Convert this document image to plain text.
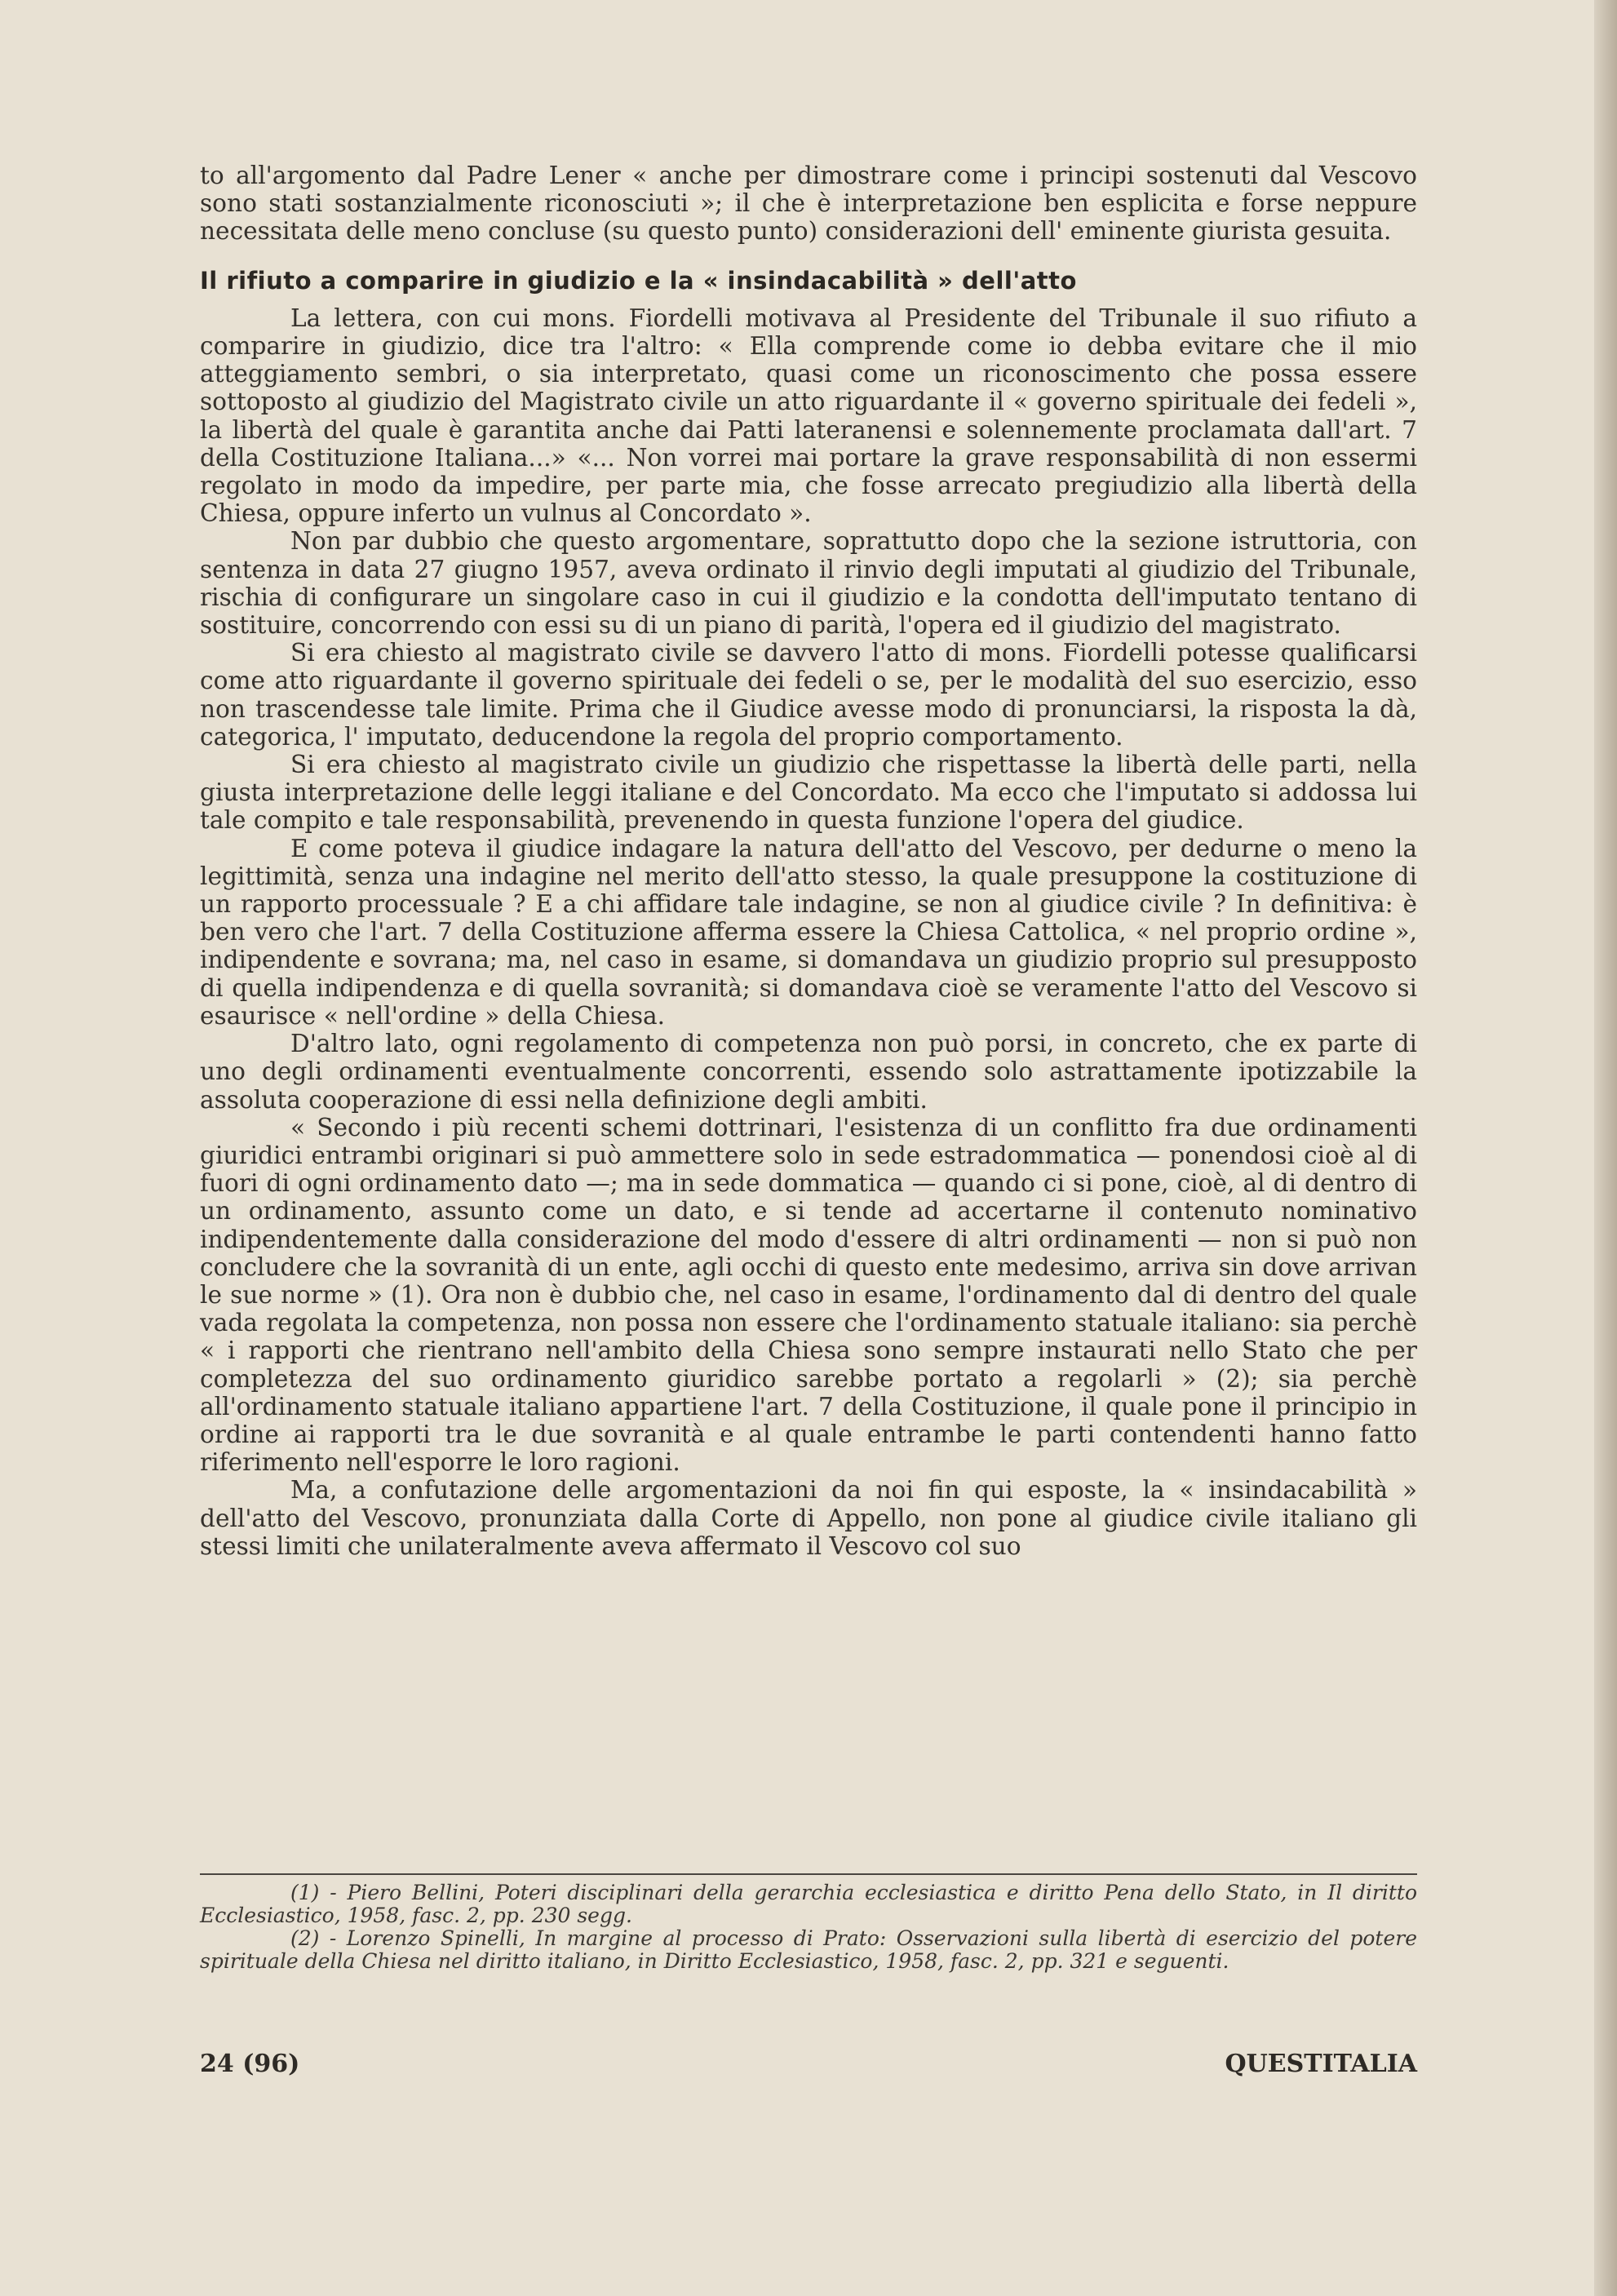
to all'argomento dal Padre Lener « anche per dimostrare come i principi sostenuti dal Vescovo sono stati sostanzialmente riconosciuti »; il che è interpretazione ben esplicita e forse neppure necessitata delle meno concluse (su questo punto) considerazioni dell' eminente giurista gesuita.

Il rifiuto a comparire in giudizio e la « insindacabilità » dell'atto

La lettera, con cui mons. Fiordelli motivava al Presidente del Tribunale il suo rifiuto a comparire in giudizio, dice tra l'altro: « Ella comprende come io debba evitare che il mio atteggiamento sembri, o sia interpretato, quasi come un riconoscimento che possa essere sottoposto al giudizio del Magistrato civile un atto riguardante il « governo spirituale dei fedeli », la libertà del quale è garantita anche dai Patti lateranensi e solennemente proclamata dall'art. 7 della Costituzione Italiana...» «... Non vorrei mai portare la grave responsabilità di non essermi regolato in modo da impedire, per parte mia, che fosse arrecato pregiudizio alla libertà della Chiesa, oppure inferto un vulnus al Concordato ».

Non par dubbio che questo argomentare, soprattutto dopo che la sezione istruttoria, con sentenza in data 27 giugno 1957, aveva ordinato il rinvio degli imputati al giudizio del Tribunale, rischia di configurare un singolare caso in cui il giudizio e la condotta dell'imputato tentano di sostituire, concorrendo con essi su di un piano di parità, l'opera ed il giudizio del magistrato.

Si era chiesto al magistrato civile se davvero l'atto di mons. Fiordelli potesse qualificarsi come atto riguardante il governo spirituale dei fedeli o se, per le modalità del suo esercizio, esso non trascendesse tale limite. Prima che il Giudice avesse modo di pronunciarsi, la risposta la dà, categorica, l' imputato, deducendone la regola del proprio comportamento.

Si era chiesto al magistrato civile un giudizio che rispettasse la libertà delle parti, nella giusta interpretazione delle leggi italiane e del Concordato. Ma ecco che l'imputato si addossa lui tale compito e tale responsabilità, prevenendo in questa funzione l'opera del giudice.

E come poteva il giudice indagare la natura dell'atto del Vescovo, per dedurne o meno la legittimità, senza una indagine nel merito dell'atto stesso, la quale presuppone la costituzione di un rapporto processuale ? E a chi affidare tale indagine, se non al giudice civile ? In definitiva: è ben vero che l'art. 7 della Costituzione afferma essere la Chiesa Cattolica, « nel proprio ordine », indipendente e sovrana; ma, nel caso in esame, si domandava un giudizio proprio sul presupposto di quella indipendenza e di quella sovranità; si domandava cioè se veramente l'atto del Vescovo si esaurisce « nell'ordine » della Chiesa.

D'altro lato, ogni regolamento di competenza non può porsi, in concreto, che ex parte di uno degli ordinamenti eventualmente concorrenti, essendo solo astrattamente ipotizzabile la assoluta cooperazione di essi nella definizione degli ambiti.

« Secondo i più recenti schemi dottrinari, l'esistenza di un conflitto fra due ordinamenti giuridici entrambi originari si può ammettere solo in sede estradommatica — ponendosi cioè al di fuori di ogni ordinamento dato —; ma in sede dommatica — quando ci si pone, cioè, al di dentro di un ordinamento, assunto come un dato, e si tende ad accertarne il contenuto nominativo indipendentemente dalla considerazione del modo d'essere di altri ordinamenti — non si può non concludere che la sovranità di un ente, agli occhi di questo ente medesimo, arriva sin dove arrivan le sue norme » (1). Ora non è dubbio che, nel caso in esame, l'ordinamento dal di dentro del quale vada regolata la competenza, non possa non essere che l'ordinamento statuale italiano: sia perchè « i rapporti che rientrano nell'ambito della Chiesa sono sempre instaurati nello Stato che per completezza del suo ordinamento giuridico sarebbe portato a regolarli » (2); sia perchè all'ordinamento statuale italiano appartiene l'art. 7 della Costituzione, il quale pone il principio in ordine ai rapporti tra le due sovranità e al quale entrambe le parti contendenti hanno fatto riferimento nell'esporre le loro ragioni.

Ma, a confutazione delle argomentazioni da noi fin qui esposte, la « insindacabilità » dell'atto del Vescovo, pronunziata dalla Corte di Appello, non pone al giudice civile italiano gli stessi limiti che unilateralmente aveva affermato il Vescovo col suo

(1) - Piero Bellini, Poteri disciplinari della gerarchia ecclesiastica e diritto Pena dello Stato, in Il diritto Ecclesiastico, 1958, fasc. 2, pp. 230 segg.

(2) - Lorenzo Spinelli, In margine al processo di Prato: Osservazioni sulla libertà di esercizio del potere spirituale della Chiesa nel diritto italiano, in Diritto Ecclesiastico, 1958, fasc. 2, pp. 321 e seguenti.

24 (96)	QUESTITALIA
